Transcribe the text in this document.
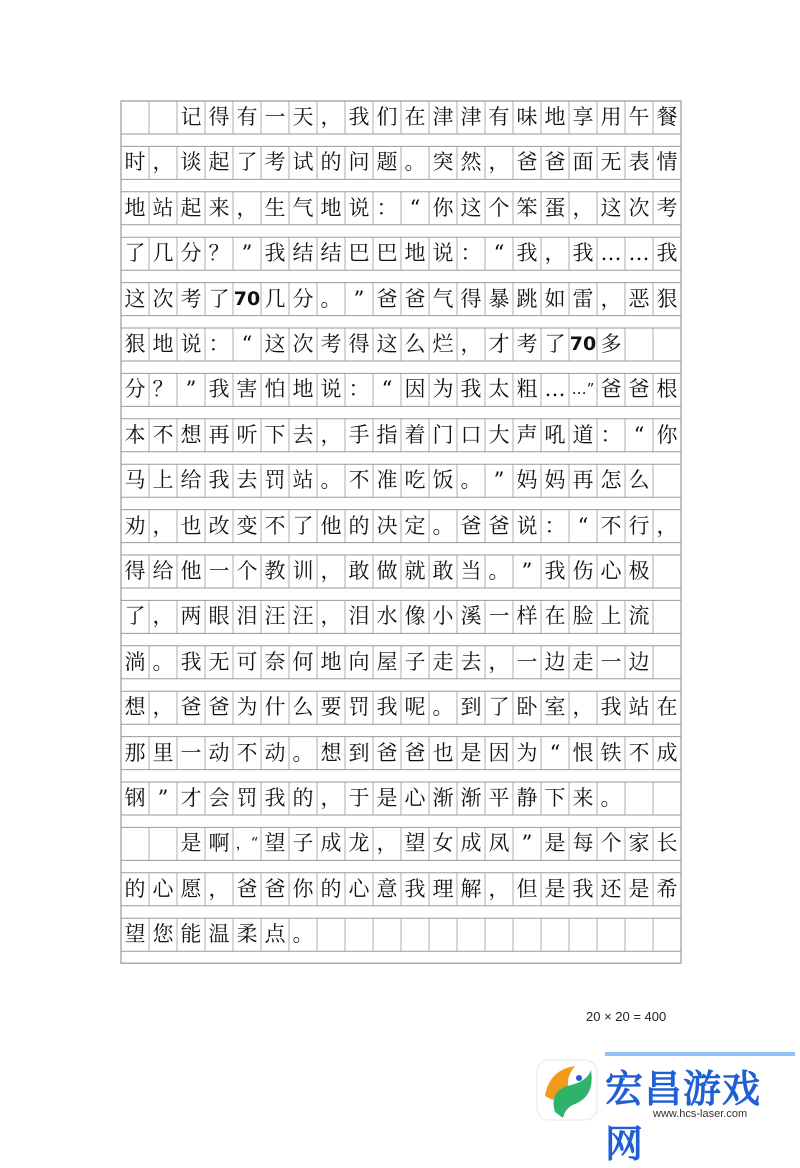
记 得 有 一 天 ， 我 们 在 津 津 有 味 地 享 用 午 餐
时 ， 谈 起 了 考 试 的 问 题 。 突 然 ， 爸 爸 面 无 表 情
地 站 起 来 ， 生 气 地 说 ： “ 你 这 个 笨 蛋 ， 这 次 考
了 几 分 ？ ” 我 结 结 巴 巴 地 说 ： “ 我 ， 我 … … 我
这 次 考 了 70 几 分 。 ” 爸 爸 气 得 暴 跳 如 雷 ， 恶 狠
狠 地 说 ： “ 这 次 考 得 这 么 烂 ， 才 考 了 70 多
分 ？ ” 我 害 怕 地 说 ： “ 因 为 我 太 粗 … …” 爸 爸 根
本 不 想 再 听 下 去 ， 手 指 着 门 口 大 声 吼 道 ： “ 你
马 上 给 我 去 罚 站 。 不 准 吃 饭 。 ” 妈 妈 再 怎 么
劝 ， 也 改 变 不 了 他 的 决 定 。 爸 爸 说 ： “ 不 行 ，
得 给 他 一 个 教 训 ， 敢 做 就 敢 当 。 ” 我 伤 心 极
了 ， 两 眼 泪 汪 汪 ， 泪 水 像 小 溪 一 样 在 脸 上 流
淌 。 我 无 可 奈 何 地 向 屋 子 走 去 ， 一 边 走 一 边
想 ， 爸 爸 为 什 么 要 罚 我 呢 。 到 了 卧 室 ， 我 站 在
那 里 一 动 不 动 。 想 到 爸 爸 也 是 因 为 “ 恨 铁 不 成
钢 ” 才 会 罚 我 的 ， 于 是 心 渐 渐 平 静 下 来 。
是 啊 ，“ 望 子 成 龙 ， 望 女 成 凤 ” 是 每 个 家 长
的 心 愿 ， 爸 爸 你 的 心 意 我 理 解 ， 但 是 我 还 是 希
望 您 能 温 柔 点 。
20 × 20 = 400
宏昌游戏网
www.hcs-laser.com
